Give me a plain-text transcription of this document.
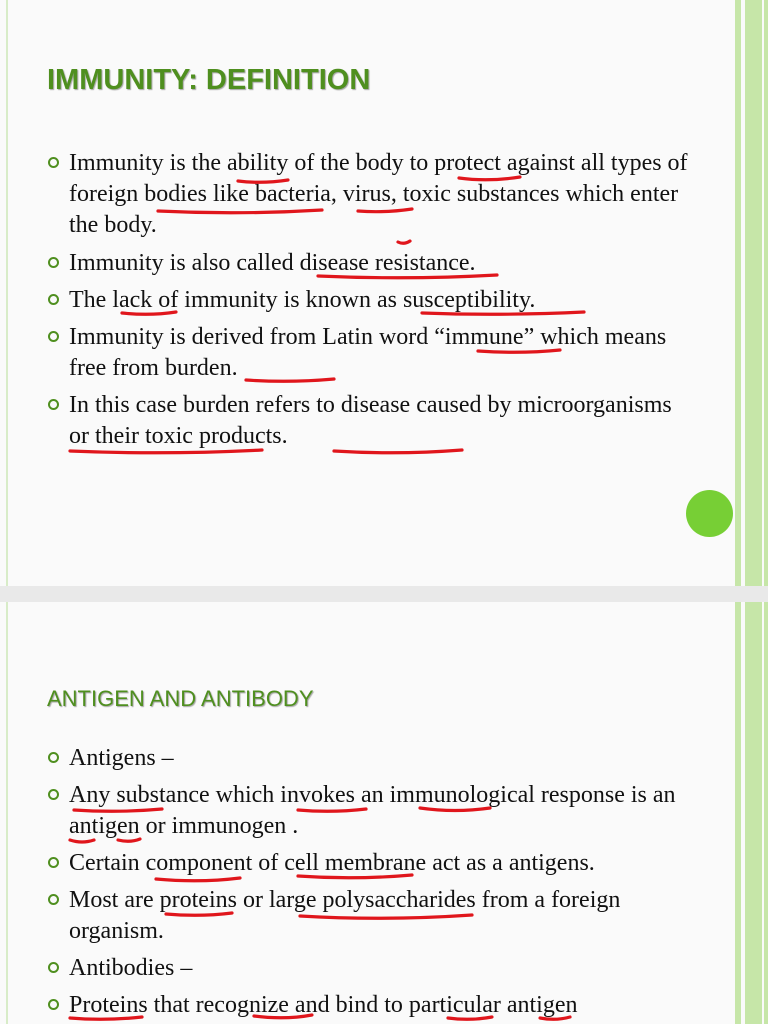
IMMUNITY: DEFINITION
Immunity is the ability of the body to protect against all types of foreign bodies like bacteria, virus, toxic substances which enter the body.
Immunity is also called disease resistance.
The lack of immunity is known as susceptibility.
Immunity is derived from Latin word “immune” which means free from burden.
In this case burden refers to disease caused by microorganisms or their toxic products.
ANTIGEN AND ANTIBODY
Antigens –
Any substance which invokes an immunological response is an antigen or immunogen .
Certain component of cell membrane act as a antigens.
Most are proteins or large polysaccharides from a foreign organism.
Antibodies –
Proteins that recognize and bind to particular antigen
